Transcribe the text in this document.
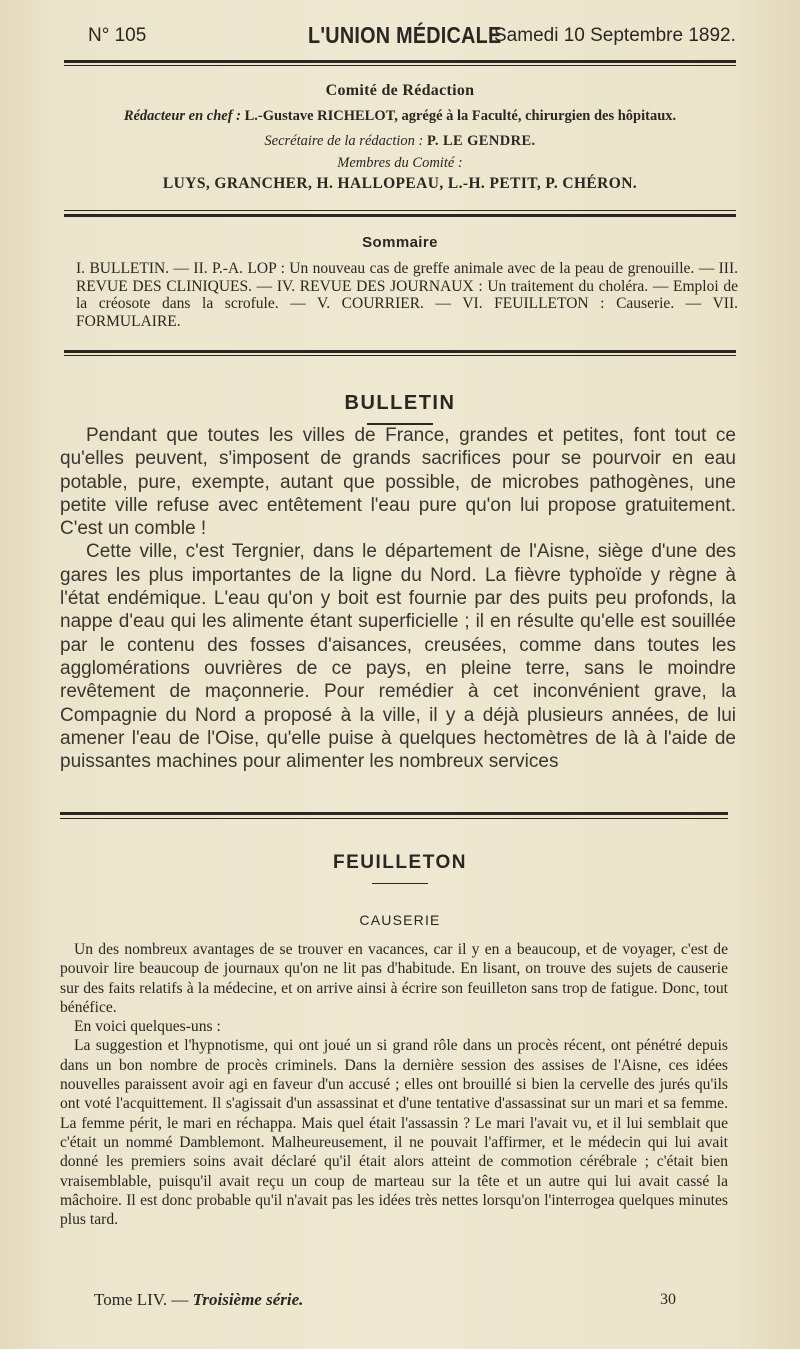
N° 105	L'UNION MÉDICALE
Samedi 10 Septembre 1892.
Comité de Rédaction
Rédacteur en chef : L.-Gustave RICHELOT, agrégé à la Faculté, chirurgien des hôpitaux.
Secrétaire de la rédaction : P. LE GENDRE.
Membres du Comité :
LUYS, GRANCHER, H. HALLOPEAU, L.-H. PETIT, P. CHÉRON.
Sommaire
I. BULLETIN. — II. P.-A. LOP : Un nouveau cas de greffe animale avec de la peau de grenouille. — III. REVUE DES CLINIQUES. — IV. REVUE DES JOURNAUX : Un traitement du choléra. — Emploi de la créosote dans la scrofule. — V. COURRIER. — VI. FEUILLETON : Causerie. — VII. FORMULAIRE.
BULLETIN

Pendant que toutes les villes de France, grandes et petites, font tout ce qu'elles peuvent, s'imposent de grands sacrifices pour se pourvoir en eau potable, pure, exempte, autant que possible, de microbes pathogènes, une petite ville refuse avec entêtement l'eau pure qu'on lui propose gratuitement. C'est un comble !

Cette ville, c'est Tergnier, dans le département de l'Aisne, siège d'une des gares les plus importantes de la ligne du Nord. La fièvre typhoïde y règne à l'état endémique. L'eau qu'on y boit est fournie par des puits peu profonds, la nappe d'eau qui les alimente étant superficielle ; il en résulte qu'elle est souillée par le contenu des fosses d'aisances, creusées, comme dans toutes les agglomérations ouvrières de ce pays, en pleine terre, sans le moindre revêtement de maçonnerie. Pour remédier à cet inconvénient grave, la Compagnie du Nord a proposé à la ville, il y a déjà plusieurs années, de lui amener l'eau de l'Oise, qu'elle puise à quelques hectomètres de là à l'aide de puissantes machines pour alimenter les nombreux services

FEUILLETON
CAUSERIE

Un des nombreux avantages de se trouver en vacances, car il y en a beaucoup, et de voyager, c'est de pouvoir lire beaucoup de journaux qu'on ne lit pas d'habitude. En lisant, on trouve des sujets de causerie sur des faits relatifs à la médecine, et on arrive ainsi à écrire son feuilleton sans trop de fatigue. Donc, tout bénéfice.

En voici quelques-uns :

La suggestion et l'hypnotisme, qui ont joué un si grand rôle dans un procès récent, ont pénétré depuis dans un bon nombre de procès criminels. Dans la dernière session des assises de l'Aisne, ces idées nouvelles paraissent avoir agi en faveur d'un accusé ; elles ont brouillé si bien la cervelle des jurés qu'ils ont voté l'acquittement. Il s'agissait d'un assassinat et d'une tentative d'assassinat sur un mari et sa femme. La femme périt, le mari en réchappa. Mais quel était l'assassin ? Le mari l'avait vu, et il lui semblait que c'était un nommé Damblemont. Malheureusement, il ne pouvait l'affirmer, et le médecin qui lui avait donné les premiers soins avait déclaré qu'il était alors atteint de commotion cérébrale ; c'était bien vraisemblable, puisqu'il avait reçu un coup de marteau sur la tête et un autre qui lui avait cassé la mâchoire. Il est donc probable qu'il n'avait pas les idées très nettes lorsqu'on l'interrogea quelques minutes plus tard.

Tome LIV. — Troisième série.	30
